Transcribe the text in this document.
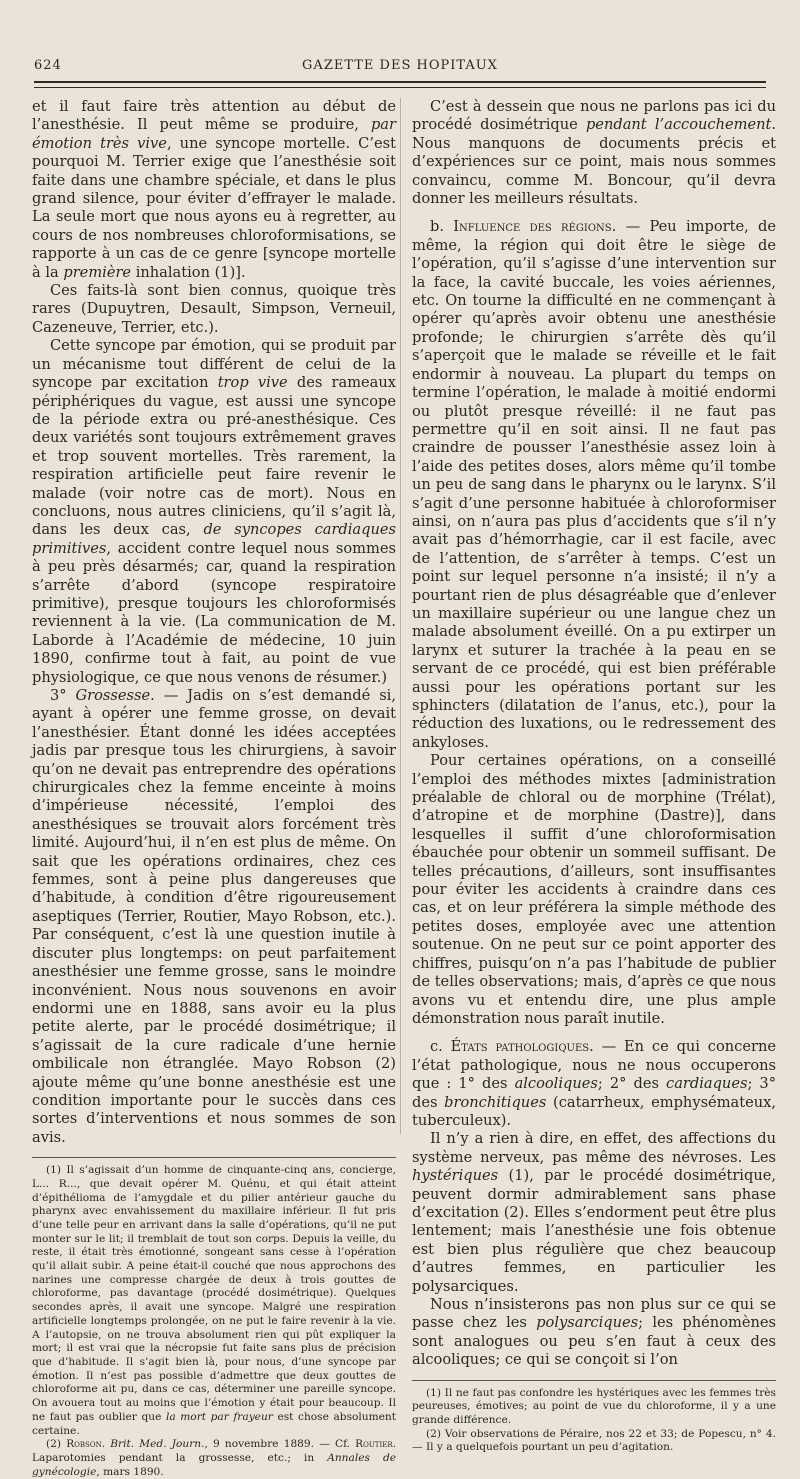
624	GAZETTE DES HOPITAUX

et il faut faire très attention au début de l’anesthésie. Il peut même se produire, par émotion très vive, une syncope mortelle. C’est pourquoi M. Terrier exige que l’anesthésie soit faite dans une chambre spéciale, et dans le plus grand silence, pour éviter d’effrayer le malade. La seule mort que nous ayons eu à regretter, au cours de nos nombreuses chloroformisations, se rapporte à un cas de ce genre [syncope mortelle à la première inhalation (1)].

Ces faits-là sont bien connus, quoique très rares (Dupuytren, Desault, Simpson, Verneuil, Cazeneuve, Terrier, etc.).

Cette syncope par émotion, qui se produit par un mécanisme tout différent de celui de la syncope par excitation trop vive des rameaux périphériques du vague, est aussi une syncope de la période extra ou pré-anesthésique. Ces deux variétés sont toujours extrêmement graves et trop souvent mortelles. Très rarement, la respiration artificielle peut faire revenir le malade (voir notre cas de mort). Nous en concluons, nous autres cliniciens, qu’il s’agit là, dans les deux cas, de syncopes cardiaques primitives, accident contre lequel nous sommes à peu près désarmés; car, quand la respiration s’arrête d’abord (syncope respiratoire primitive), presque toujours les chloroformisés reviennent à la vie. (La communication de M. Laborde à l’Académie de médecine, 10 juin 1890, confirme tout à fait, au point de vue physiologique, ce que nous venons de résumer.)

3° Grossesse. — Jadis on s’est demandé si, ayant à opérer une femme grosse, on devait l’anesthésier. Étant donné les idées acceptées jadis par presque tous les chirurgiens, à savoir qu’on ne devait pas entreprendre des opérations chirurgicales chez la femme enceinte à moins d’impérieuse nécessité, l’emploi des anesthésiques se trouvait alors forcément très limité. Aujourd’hui, il n’en est plus de même. On sait que les opérations ordinaires, chez ces femmes, sont à peine plus dangereuses que d’habitude, à condition d’être rigoureusement aseptiques (Terrier, Routier, Mayo Robson, etc.). Par conséquent, c’est là une question inutile à discuter plus longtemps: on peut parfaitement anesthésier une femme grosse, sans le moindre inconvénient. Nous nous souvenons en avoir endormi une en 1888, sans avoir eu la plus petite alerte, par le procédé dosimétrique; il s’agissait de la cure radicale d’une hernie ombilicale non étranglée. Mayo Robson (2) ajoute même qu’une bonne anesthésie est une condition importante pour le succès dans ces sortes d’interventions et nous sommes de son avis.

(1) Il s’agissait d’un homme de cinquante-cinq ans, concierge, L... R..., que devait opérer M. Quénu, et qui était atteint d’épithélioma de l’amygdale et du pilier antérieur gauche du pharynx avec envahissement du maxillaire inférieur. Il fut pris d’une telle peur en arrivant dans la salle d’opérations, qu’il ne put monter sur le lit; il tremblait de tout son corps. Depuis la veille, du reste, il était très émotionné, songeant sans cesse à l’opération qu’il allait subir. A peine était-il couché que nous approchons des narines une compresse chargée de deux à trois gouttes de chloroforme, pas davantage (procédé dosimétrique). Quelques secondes après, il avait une syncope. Malgré une respiration artificielle longtemps prolongée, on ne put le faire revenir à la vie. A l’autopsie, on ne trouva absolument rien qui pût expliquer la mort; il est vrai que la nécropsie fut faite sans plus de précision que d’habitude. Il s’agit bien là, pour nous, d’une syncope par émotion. Il n’est pas possible d’admettre que deux gouttes de chloroforme ait pu, dans ce cas, déterminer une pareille syncope. On avouera tout au moins que l’émotion y était pour beaucoup. Il ne faut pas oublier que la mort par frayeur est chose absolument certaine.

(2) Robson. Brit. Med. Journ., 9 novembre 1889. — Cf. Routier. Laparotomies pendant la grossesse, etc.; in Annales de gynécologie, mars 1890.

C’est à dessein que nous ne parlons pas ici du procédé dosimétrique pendant l’accouchement. Nous manquons de documents précis et d’expériences sur ce point, mais nous sommes convaincu, comme M. Boncour, qu’il devra donner les meilleurs résultats.

b. Influence des régions. — Peu importe, de même, la région qui doit être le siège de l’opération, qu’il s’agisse d’une intervention sur la face, la cavité buccale, les voies aériennes, etc. On tourne la difficulté en ne commençant à opérer qu’après avoir obtenu une anesthésie profonde; le chirurgien s’arrête dès qu’il s’aperçoit que le malade se réveille et le fait endormir à nouveau. La plupart du temps on termine l’opération, le malade à moitié endormi ou plutôt presque réveillé: il ne faut pas permettre qu’il en soit ainsi. Il ne faut pas craindre de pousser l’anesthésie assez loin à l’aide des petites doses, alors même qu’il tombe un peu de sang dans le pharynx ou le larynx. S’il s’agit d’une personne habituée à chloroformiser ainsi, on n’aura pas plus d’accidents que s’il n’y avait pas d’hémorrhagie, car il est facile, avec de l’attention, de s’arrêter à temps. C’est un point sur lequel personne n’a insisté; il n’y a pourtant rien de plus désagréable que d’enlever un maxillaire supérieur ou une langue chez un malade absolument éveillé. On a pu extirper un larynx et suturer la trachée à la peau en se servant de ce procédé, qui est bien préférable aussi pour les opérations portant sur les sphincters (dilatation de l’anus, etc.), pour la réduction des luxations, ou le redressement des ankyloses.

Pour certaines opérations, on a conseillé l’emploi des méthodes mixtes [administration préalable de chloral ou de morphine (Trélat), d’atropine et de morphine (Dastre)], dans lesquelles il suffit d’une chloroformisation ébauchée pour obtenir un sommeil suffisant. De telles précautions, d’ailleurs, sont insuffisantes pour éviter les accidents à craindre dans ces cas, et on leur préférera la simple méthode des petites doses, employée avec une attention soutenue. On ne peut sur ce point apporter des chiffres, puisqu’on n’a pas l’habitude de publier de telles observations; mais, d’après ce que nous avons vu et entendu dire, une plus ample démonstration nous paraît inutile.

c. États pathologiques. — En ce qui concerne l’état pathologique, nous ne nous occuperons que : 1° des alcooliques; 2° des cardiaques; 3° des bronchitiques (catarrheux, emphysémateux, tuberculeux).

Il n’y a rien à dire, en effet, des affections du système nerveux, pas même des névroses. Les hystériques (1), par le procédé dosimétrique, peuvent dormir admirablement sans phase d’excitation (2). Elles s’endorment peut être plus lentement; mais l’anesthésie une fois obtenue est bien plus régulière que chez beaucoup d’autres femmes, en particulier les polysarciques.

Nous n’insisterons pas non plus sur ce qui se passe chez les polysarciques; les phénomènes sont analogues ou peu s’en faut à ceux des alcooliques; ce qui se conçoit si l’on

(1) Il ne faut pas confondre les hystériques avec les femmes très peureuses, émotives; au point de vue du chloroforme, il y a une grande différence.

(2) Voir observations de Péraire, nos 22 et 33; de Popescu, n° 4. — Il y a quelquefois pourtant un peu d’agitation.
